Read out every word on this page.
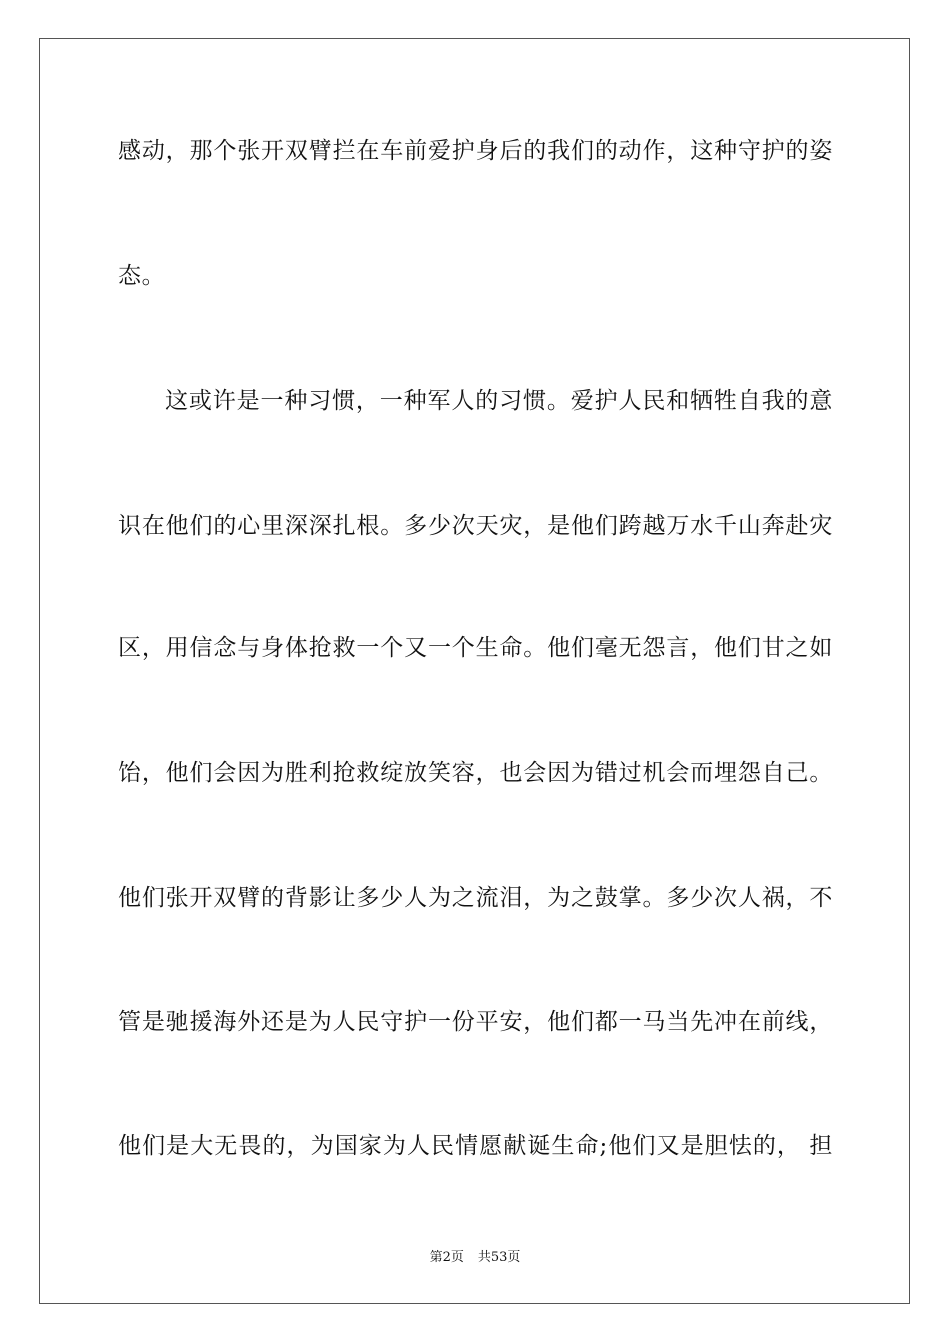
感动，那个张开双臂拦在车前爱护身后的我们的动作，这种守护的姿
态。
这或许是一种习惯，一种军人的习惯。爱护人民和牺牲自我的意
识在他们的心里深深扎根。多少次天灾，是他们跨越万水千山奔赴灾
区，用信念与身体抢救一个又一个生命。他们毫无怨言，他们甘之如
饴，他们会因为胜利抢救绽放笑容，也会因为错过机会而埋怨自己。
他们张开双臂的背影让多少人为之流泪，为之鼓掌。多少次人祸，不
管是驰援海外还是为人民守护一份平安，他们都一马当先冲在前线，
他们是大无畏的，为国家为人民情愿献诞生命;他们又是胆怯的， 担
第2页 共53页
